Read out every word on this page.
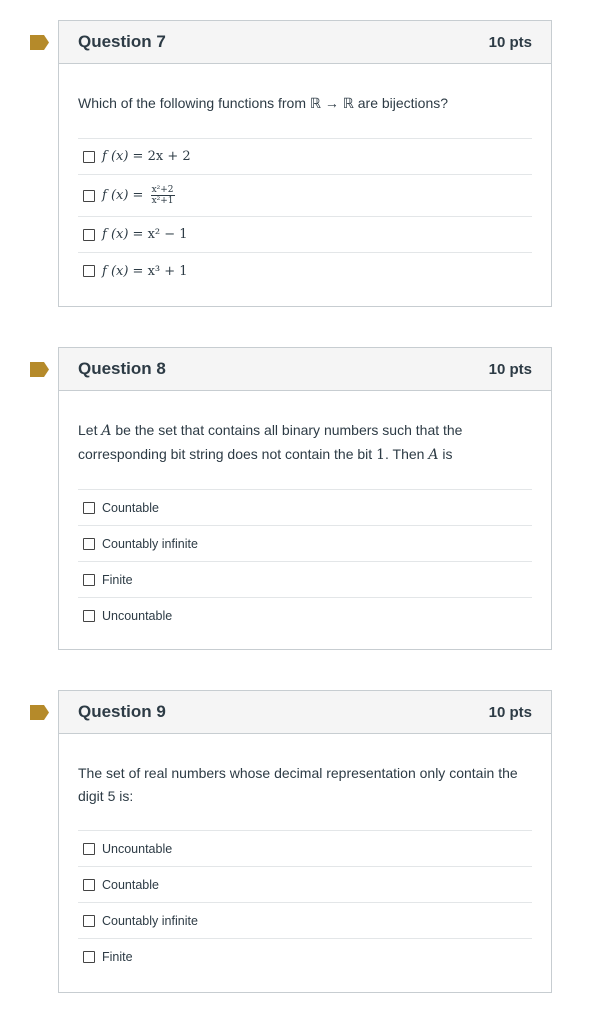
Question 7	10 pts
Which of the following functions from ℝ → ℝ are bijections?
f (x) = 2x + 2
f $(x) = \frac{\text{x²+2}}{\text{x²+1}}$
f (x) = x² − 1
f (x) = x³ + 1
Question 8	10 pts
Let A be the set that contains all binary numbers such that the corresponding bit string does not contain the bit 1. Then A is
Countable
Countably infinite
Finite
Uncountable
Question 9	10 pts
The set of real numbers whose decimal representation only contain the digit 5 is:
Uncountable
Countable
Countably infinite
Finite
